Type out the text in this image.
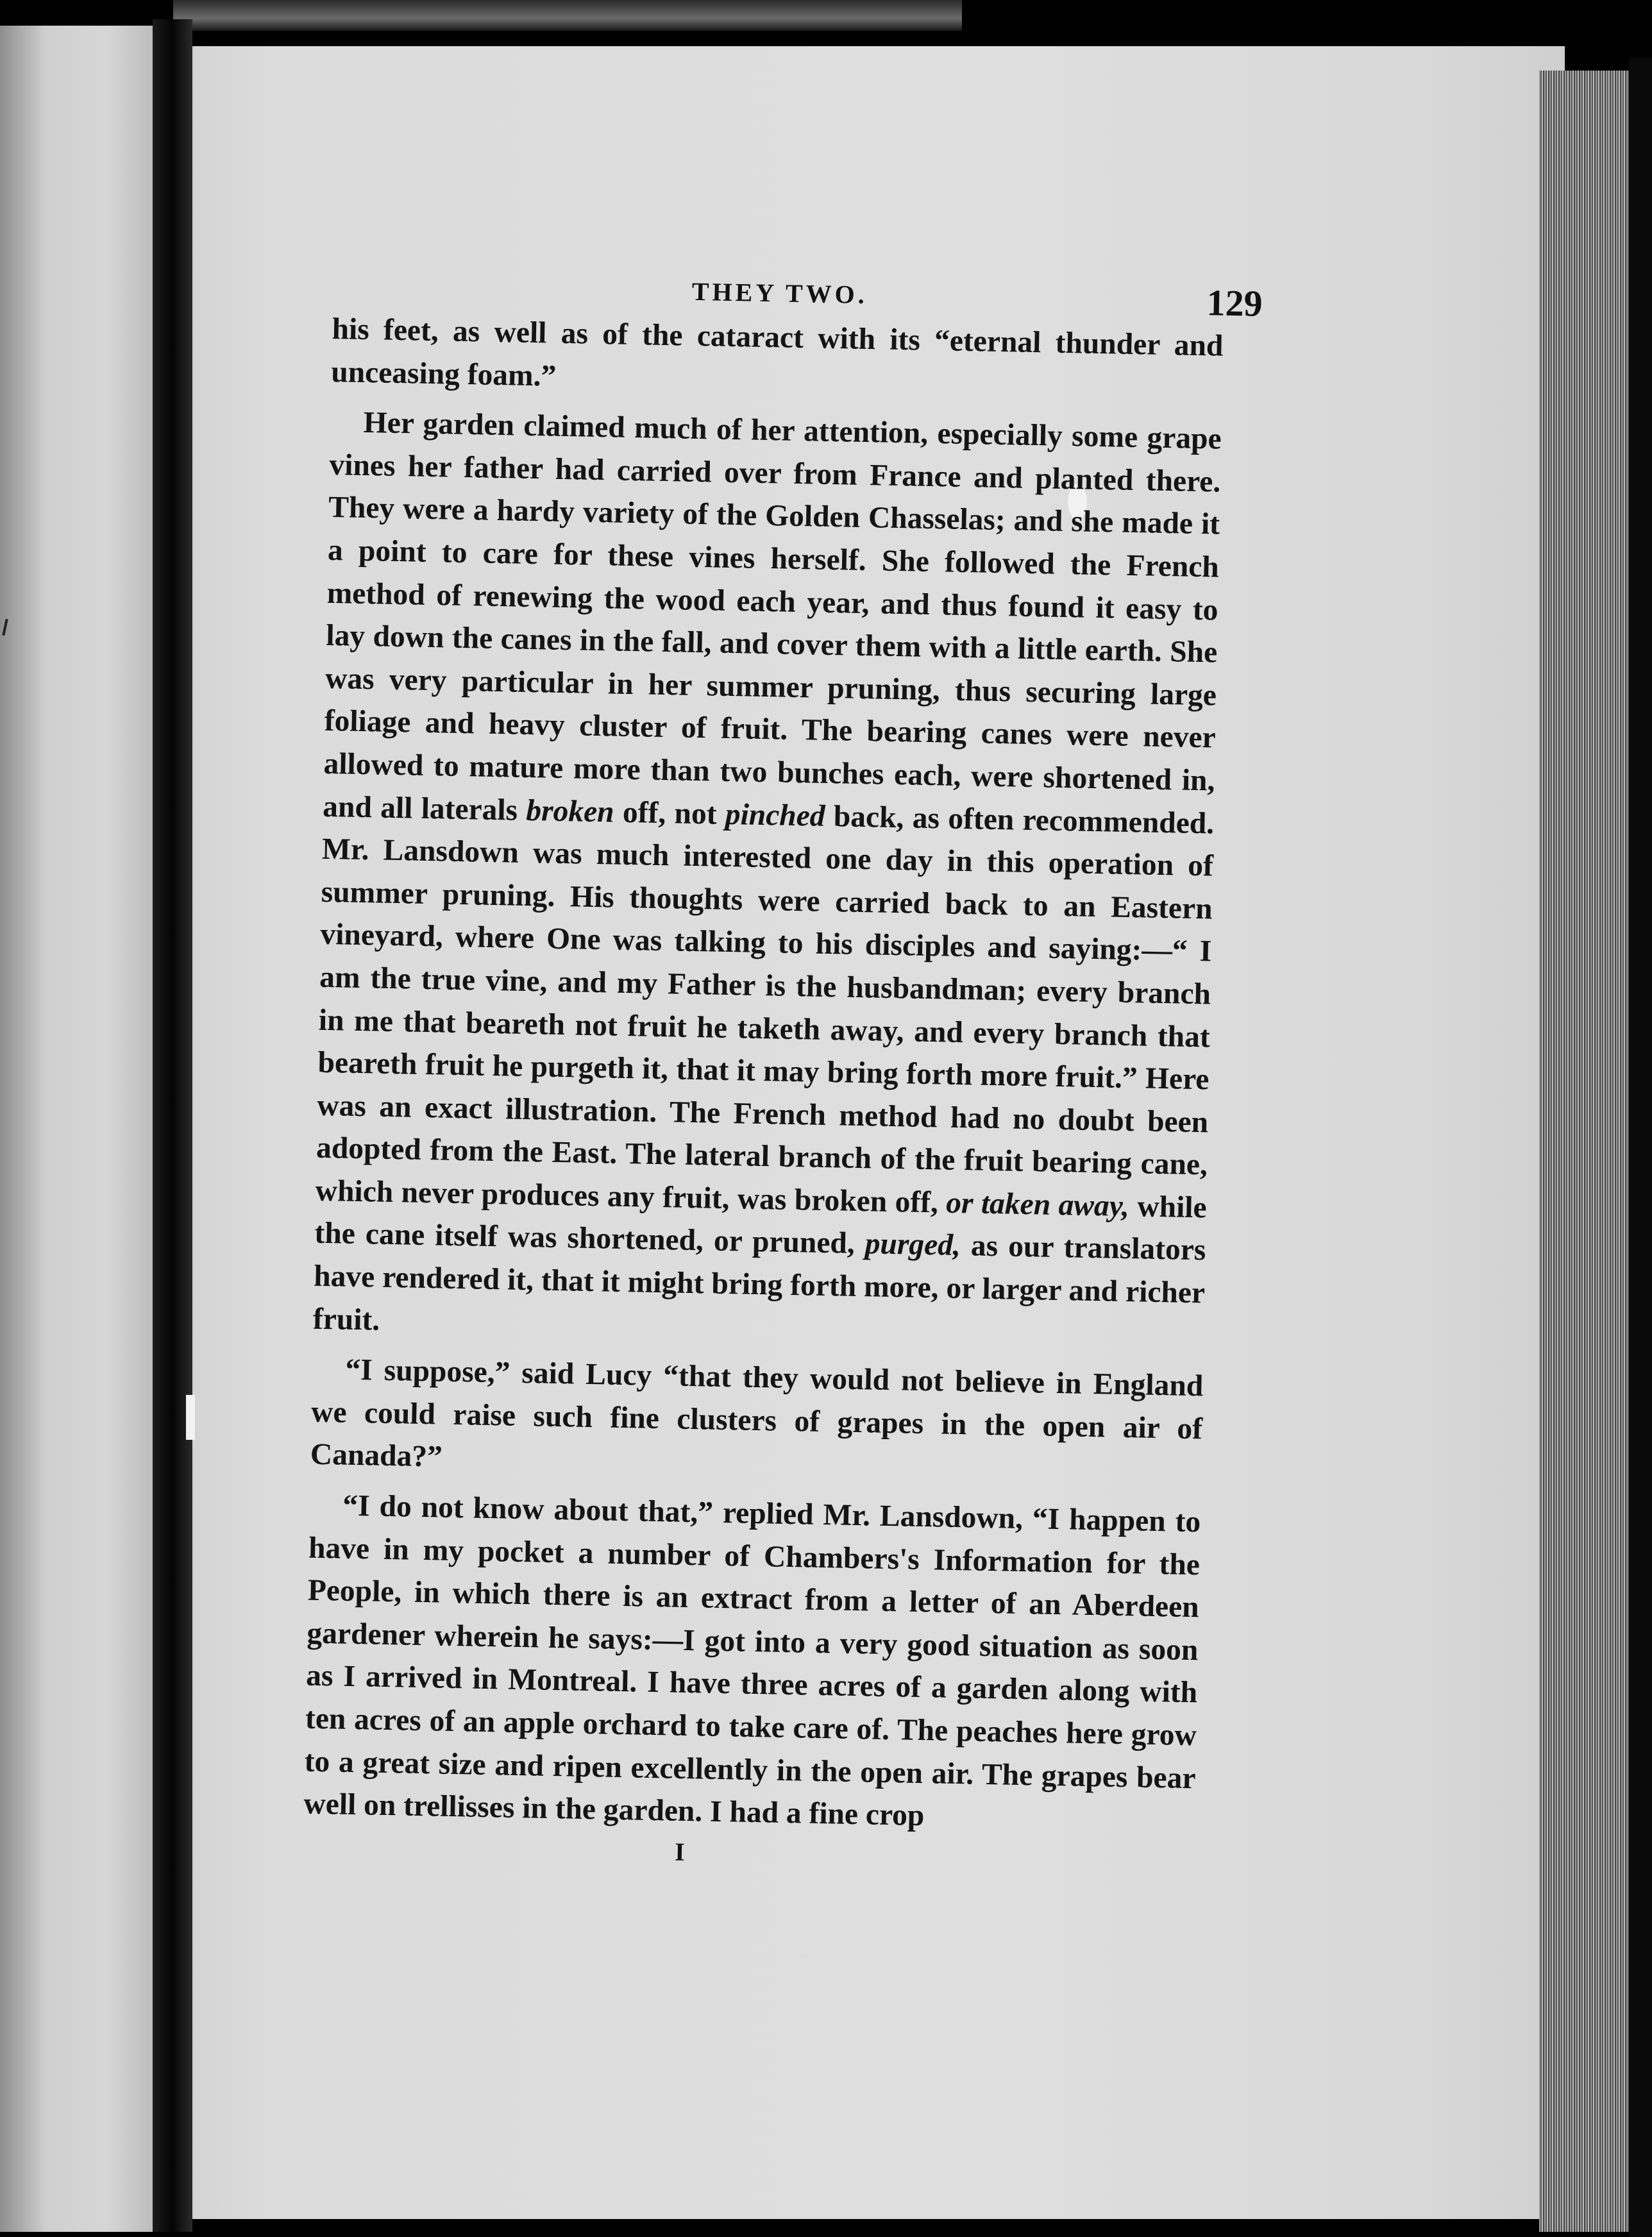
THEY TWO.	129

his feet, as well as of the cataract with its “eternal thunder and unceasing foam.”

Her garden claimed much of her attention, especially some grape vines her father had carried over from France and planted there. They were a hardy variety of the Golden Chasselas; and she made it a point to care for these vines herself. She followed the French method of renewing the wood each year, and thus found it easy to lay down the canes in the fall, and cover them with a little earth. She was very particular in her summer pruning, thus securing large foliage and heavy cluster of fruit. The bearing canes were never allowed to mature more than two bunches each, were shortened in, and all laterals broken off, not pinched back, as often recommended. Mr. Lansdown was much interested one day in this operation of summer pruning. His thoughts were carried back to an Eastern vineyard, where One was talking to his disciples and saying:—“ I am the true vine, and my Father is the husbandman; every branch in me that beareth not fruit he taketh away, and every branch that beareth fruit he purgeth it, that it may bring forth more fruit.” Here was an exact illustration. The French method had no doubt been adopted from the East. The lateral branch of the fruit bearing cane, which never produces any fruit, was broken off, or taken away, while the cane itself was shortened, or pruned, purged, as our translators have rendered it, that it might bring forth more, or larger and richer fruit.

“I suppose,” said Lucy “that they would not believe in England we could raise such fine clusters of grapes in the open air of Canada?”

“I do not know about that,” replied Mr. Lansdown, “I happen to have in my pocket a number of Chambers's Information for the People, in which there is an extract from a letter of an Aberdeen gardener wherein he says:—I got into a very good situation as soon as I arrived in Montreal. I have three acres of a garden along with ten acres of an apple orchard to take care of. The peaches here grow to a great size and ripen excellently in the open air. The grapes bear well on trellisses in the garden. I had a fine crop

I
